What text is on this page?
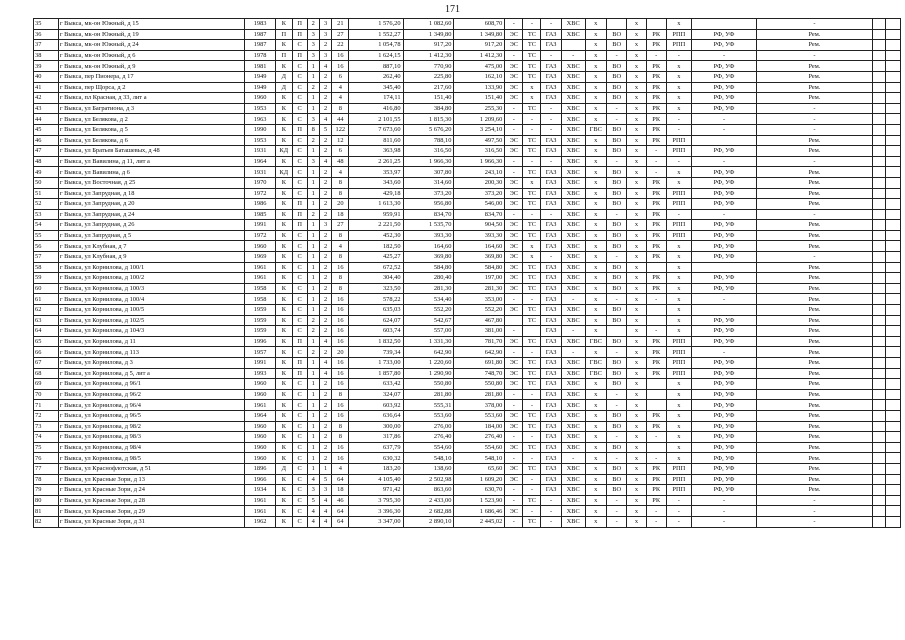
171
35	г Выкса, мк-он Южный, д 15	1983	К	П	2	3	21	1 576,20	1 082,60	608,70	-	-	-	ХВС	х		х		х		-		
36	г Выкса, мк-он Южный, д 19	1987	П	П	3	3	27	1 552,27	1 349,80	1 349,80	ЭС	ТС	ГАЗ	ХВС	х	ВО	х	РК	РПП	РФ, УФ	Рем.		
37	г Выкса, мк-он Южный, д 24	1987	К	С	3	2	22	1 054,78	917,20	917,20	ЭС	ТС	ГАЗ		х	ВО	х	РК	РПП	РФ, УФ	Рем.		
38	г Выкса, мк-он Южный, д 6	1978	П	П	3	3	16	1 624,15	1 412,30	1 412,30	-	ТС	-	-	х	-	х	-	-	-	-		
39	г Выкса, мк-он Южный, д 9	1981	К	С	1	4	16	887,10	770,90	475,00	ЭС	ТС	ГАЗ	ХВС	х	ВО	х	РК	х	РФ, УФ	Рем.		
40	г Выкса, пер Пионера, д 17	1949	Д	С	1	2	6	262,40	225,80	162,10	ЭС	ТС	ГАЗ	ХВС	х	ВО	х	РК	х	РФ, УФ	Рем.		
41	г Выкса, пер Щорса, д 2	1949	Д	С	2	2	4	345,40	217,60	133,90	ЭС	х	ГАЗ	ХВС	х	ВО	х	РК	х	РФ, УФ	Рем.		
42	г Выкса, пл Красная, д 33, лит а	1960	К	С	1	2	4	174,11	151,40	151,40	ЭС	х	ГАЗ	ХВС	х	ВО	х	РК	х	РФ, УФ	Рем.		
43	г Выкса, ул Багратиона, д 3	1953	К	С	1	2	8	416,80	384,80	255,30	-	ТС	-	ХВС	х	-	х	РК	х	РФ, УФ	-		
44	г Выкса, ул Белякова, д 2	1963	К	С	3	4	44	2 101,55	1 815,30	1 209,60	-	-	-	ХВС	х	-	х	РК	-	-	-		
45	г Выкса, ул Белякова, д 5	1990	К	П	8	5	122	7 673,60	5 676,20	3 254,10	-	-	-	ХВС	ГВС	ВО	х	РК	-	-	-		
46	г Выкса, ул Белякова, д 6	1953	К	С	2	2	12	811,60	788,10	497,50	ЭС	ТС	ГАЗ	ХВС	х	ВО	х	РК	РПП		Рем.		
47	г Выкса, ул Братьев Баташевых, д 48	1931	КД	С	1	2	6	363,98	316,50	316,50	ЭС	ТС	ГАЗ	ХВС	х	ВО	х	-	РПП	РФ, УФ	Рем.		
48	г Выкса, ул Вавилина, д 11, лит а	1964	К	С	3	4	48	2 261,25	1 966,30	1 966,30	-	-	-	ХВС	х	-	х	-	-	-	-		
49	г Выкса, ул Вавилина, д 6	1931	КД	С	1	2	4	353,97	307,80	243,10	-	ТС	ГАЗ	ХВС	х	ВО	х	-	х	РФ, УФ	Рем.		
50	г Выкса, ул Восточная, д 25	1970	К	С	1	2	8	343,60	314,60	200,30	ЭС	х	ГАЗ	ХВС	х	ВО	х	РК	х	РФ, УФ	Рем.		
51	г Выкса, ул Запрудная, д 18	1972	К	С	1	2	8	429,18	373,20	373,20	ЭС	ТС	ГАЗ	ХВС	х	ВО	х	РК	РПП	РФ, УФ	Рем.		
52	г Выкса, ул Запрудная, д 20	1986	К	П	1	2	20	1 613,30	956,80	546,00	ЭС	ТС	ГАЗ	ХВС	х	ВО	х	РК	РПП	РФ, УФ	Рем.		
53	г Выкса, ул Запрудная, д 24	1985	К	П	2	2	18	959,91	834,70	834,70	-	-	-	ХВС	х	-	х	РК	-	-	-		
54	г Выкса, ул Запрудная, д 26	1991	К	П	1	3	27	2 221,50	1 535,70	904,50	ЭС	ТС	ГАЗ	ХВС	х	ВО	х	РК	РПП	РФ, УФ	Рем.		
55	г Выкса, ул Запрудная, д 5	1972	К	С	1	2	8	452,30	393,30	393,30	ЭС	ТС	ГАЗ	ХВС	х	ВО	х	РК	РПП	РФ, УФ	Рем.		
56	г Выкса, ул Клубная, д 7	1960	К	С	1	2	4	182,50	164,60	164,60	ЭС	х	ГАЗ	ХВС	х	ВО	х	РК	х	РФ, УФ	Рем.		
57	г Выкса, ул Клубная, д 9	1969	К	С	1	2	8	425,27	369,80	369,80	ЭС	х	-	ХВС	х	-	х	РК	х	РФ, УФ	-		
58	г Выкса, ул Корнилова, д 100/1	1961	К	С	1	2	16	672,52	584,80	584,80	ЭС	ТС	ГАЗ	ХВС	х	ВО	х		х		Рем.		
59	г Выкса, ул Корнилова, д 100/2	1961	К	С	1	2	8	304,40	280,40	197,00	ЭС	ТС	ГАЗ	ХВС	х	ВО	х	РК	х	РФ, УФ	Рем.		
60	г Выкса, ул Корнилова, д 100/3	1958	К	С	1	2	8	323,50	281,30	281,30	ЭС	ТС	ГАЗ	ХВС	х	ВО	х	РК	х	РФ, УФ	Рем.		
61	г Выкса, ул Корнилова, д 100/4	1958	К	С	1	2	16	578,22	534,40	353,00	-	-	ГАЗ	-	х	-	х	-	х	-	Рем.		
62	г Выкса, ул Корнилова, д 100/5	1959	К	С	1	2	16	635,03	552,20	552,20	ЭС	ТС	ГАЗ	ХВС	х	ВО	х		х		Рем.		
63	г Выкса, ул Корнилова, д 102/5	1959	К	С	2	2	16	624,07	542,67	467,80		ТС	ГАЗ	ХВС	х	ВО	х		х	РФ, УФ	Рем.		
64	г Выкса, ул Корнилова, д 104/3	1959	К	С	2	2	16	603,74	557,00	381,00	-		ГАЗ	-	х		х	-	х	РФ, УФ	Рем.		
65	г Выкса, ул Корнилова, д 11	1996	К	П	1	4	16	1 832,50	1 331,30	781,70	ЭС	ТС	ГАЗ	ХВС	ГВС	ВО	х	РК	РПП	РФ, УФ	Рем.		
66	г Выкса, ул Корнилова, д 113	1957	К	С	2	2	20	739,34	642,90	642,90	-	-	ГАЗ	-	х	-	х	РК	РПП	-	Рем.		
67	г Выкса, ул Корнилова, д 3	1991	К	П	1	4	16	1 733,00	1 220,60	691,80	ЭС	ТС	ГАЗ	ХВС	ГВС	ВО	х	РК	РПП	РФ, УФ	Рем.		
68	г Выкса, ул Корнилова, д 5, лит а	1993	К	П	1	4	16	1 857,80	1 290,90	748,70	ЭС	ТС	ГАЗ	ХВС	ГВС	ВО	х	РК	РПП	РФ, УФ	Рем.		
69	г Выкса, ул Корнилова, д 96/1	1960	К	С	1	2	16	633,42	550,80	550,80	ЭС	ТС	ГАЗ	ХВС	х	ВО	х		х	РФ, УФ	Рем.		
70	г Выкса, ул Корнилова, д 96/2	1960	К	С	1	2	8	324,07	281,80	281,80	-	-	ГАЗ	ХВС	х	-	х		х	РФ, УФ	Рем.		
71	г Выкса, ул Корнилова, д 96/4	1961	К	С	1	2	16	603,92	555,31	378,00	-	-	ГАЗ	ХВС	х	-	х		х	РФ, УФ	Рем.		
72	г Выкса, ул Корнилова, д 96/5	1964	К	С	1	2	16	636,64	553,60	553,60	ЭС	ТС	ГАЗ	ХВС	х	ВО	х	РК	х	РФ, УФ	Рем.		
73	г Выкса, ул Корнилова, д 98/2	1960	К	С	1	2	8	300,00	276,00	184,00	ЭС	ТС	ГАЗ	ХВС	х	ВО	х	РК	х	РФ, УФ	Рем.		
74	г Выкса, ул Корнилова, д 98/3	1960	К	С	1	2	8	317,86	276,40	276,40	-	-	ГАЗ	ХВС	х	-	х	-	х	РФ, УФ	Рем.		
75	г Выкса, ул Корнилова, д 98/4	1960	К	С	1	2	16	637,79	554,60	554,60	ЭС	ТС	ГАЗ	ХВС	х	ВО	х		х	РФ, УФ	Рем.		
76	г Выкса, ул Корнилова, д 98/5	1960	К	С	1	2	16	630,32	548,10	548,10	-	-	ГАЗ	-	х	-	х	-	х	РФ, УФ	Рем.		
77	г Выкса, ул Краснофлотская, д 51	1896	Д	С	1	1	4	183,20	138,60	65,60	ЭС	ТС	ГАЗ	ХВС	х	ВО	х	РК	РПП	РФ, УФ	Рем.		
78	г Выкса, ул Красные Зори, д 13	1966	К	С	4	5	64	4 105,40	2 502,98	1 609,20	ЭС	-	ГАЗ	ХВС	х	ВО	х	РК	РПП	РФ, УФ	Рем.		
79	г Выкса, ул Красные Зори, д 24	1934	К	С	3	3	18	971,42	863,60	630,70	-	-	ГАЗ	ХВС	х	ВО	х	РК	РПП	РФ, УФ	Рем.		
80	г Выкса, ул Красные Зори, д 28	1961	К	С	5	4	46	3 795,30	2 433,00	1 523,90	-	ТС	-	ХВС	х	-	х	РК	-	-	-		
81	г Выкса, ул Красные Зори, д 29	1961	К	С	4	4	64	3 396,30	2 682,88	1 686,46	ЭС	-	-	ХВС	х	-	х	-	-	-	-		
82	г Выкса, ул Красные Зори, д 31	1962	К	С	4	4	64	3 347,00	2 890,10	2 445,02	-	ТС	-	ХВС	х	-	х	-	-	-	-		
